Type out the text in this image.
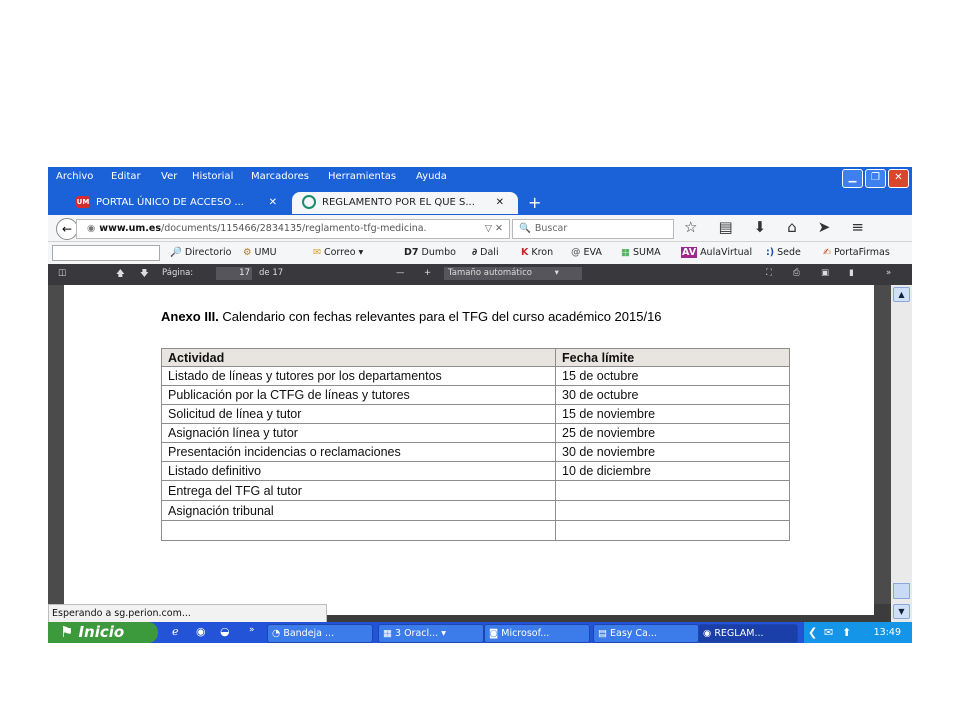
Archivo Editar Ver Historial Marcadores Herramientas Ayuda	▁	❐	✕
UM PORTAL ÚNICO DE ACCESO ... ✕	REGLAMENTO POR EL QUE S... ✕ +
←	◉ www.um.es/documents/115466/2834135/reglamento-tfg-medicina.	▽ ✕	🔍 Buscar	☆ ▤ ⬇ ⌂ ➤ ≡
🔎 Directorio ⚙ UMU	✉ Correo ▾	D7 Dumbo ∂ Dali K Kron @ EVA ▦ SUMA AV AulaVirtual :) Sede ✍ PortaFirmas
◫	🡅 🡇 Página:	17 de 17	— +	Tamaño automático	▾	⛶ ⎙ ▣ ▮	»
Anexo III. Calendario con fechas relevantes para el TFG del curso académico 2015/16
Actividad	Fecha límite
Listado de líneas y tutores por los departamentos	15 de octubre
Publicación por la CTFG de líneas y tutores	30 de octubre
Solicitud de línea y tutor	15 de noviembre
Asignación línea y tutor	25 de noviembre
Presentación incidencias o reclamaciones	30 de noviembre
Listado definitivo	10 de diciembre
Entrega del TFG al tutor	
Asignación tribunal	

▲
▼
Esperando a sg.perion.com...
⚑ Inicio	ℯ ◉ ◒ »	◔ Bandeja ...	▦ 3 Oracl... ▾	◙ Microsof...	▤ Easy Ca...	◉ REGLAM...	❮ ✉ ⬆ 13:49
